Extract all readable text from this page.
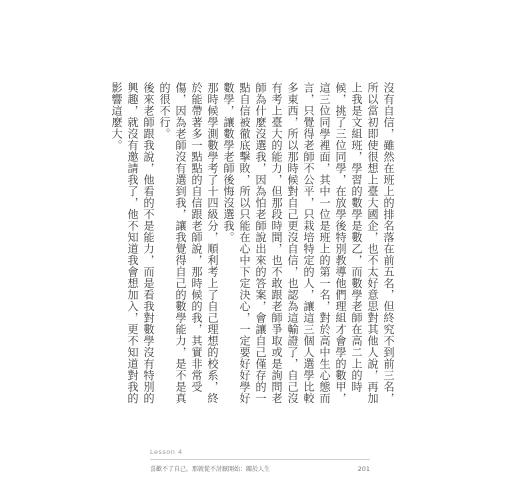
沒有自信，雖然在班上的排名落在前五名，但終究不到前三名，所以當初即使很想上臺大國企，也不太好意思對其他人說，再加上我是文組班，學習的數學是數乙，而數學老師在高二上的時候，挑了三位同學，在放學後特別教導他們理組才會學的數甲，這三位同學裡面，其中一位是班上的第一名，對於高中生心態而言，只覺得老師不公平，只栽培特定的人，讓這三個人選學比較多東西，所以那時候對自己更沒自信，也認為這輸證了，自己沒有考上臺大的能力，但那段時間，也不敢跟老師爭取或是詢問老師為什麼沒選我，因為怕老師說出來的答案，會讓自己僅存的一點自信被徹底擊敗，所以只能在心中下定決心，一定要好好學好數學，讓數學老師後悔沒選我。

那時候學測數學考了十四級分，順利考上了自己理想的校系，終於能帶著多一點點的自信跟老師說，那時候的我，其實非常受傷，因為老師沒有選到我，讓我覺得自己的數學能力，是不是真的很不行。

後來老師跟我說，他看的不是能力，而是看我對數學沒有特別的興趣，就沒有邀請我了，他不知道我會想加入，更不知道對我的影響這麼大。

Lesson 4
喜歡不了自己，那就從不討厭開始：關於人生	201
